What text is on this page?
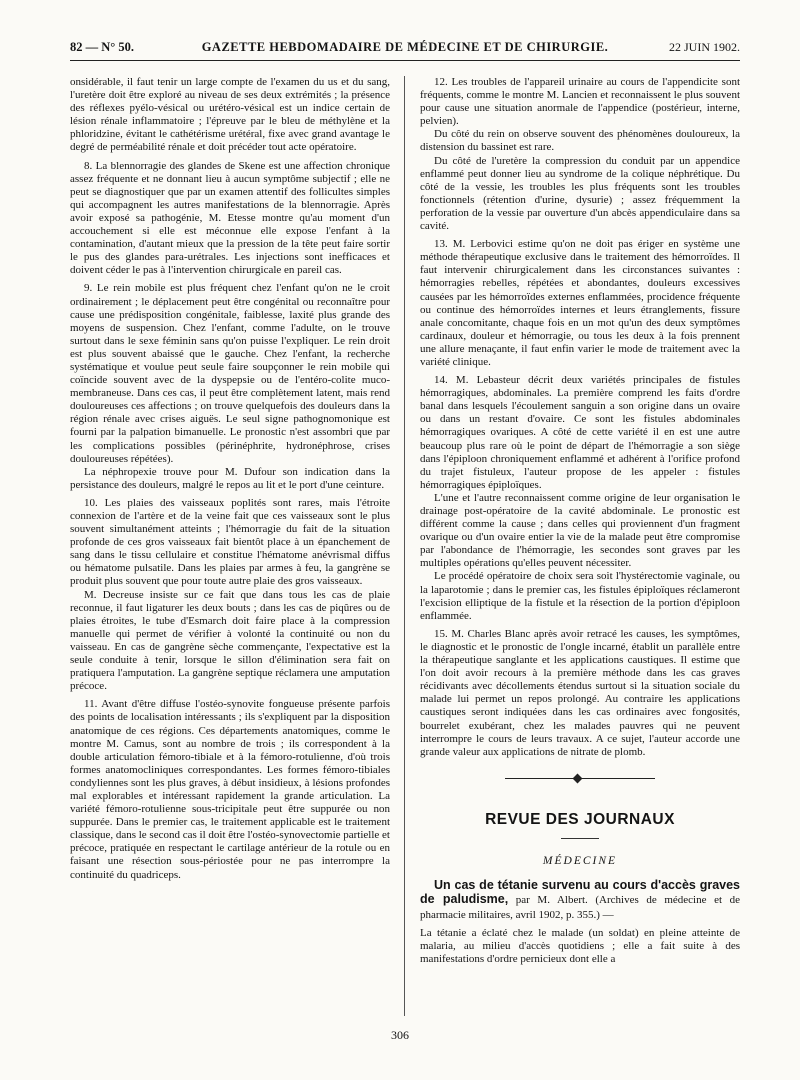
82 — N° 50.	GAZETTE HEBDOMADAIRE DE MÉDECINE ET DE CHIRURGIE.	22 JUIN 1902.

onsidérable, il faut tenir un large compte de l'examen du us et du sang, l'uretère doit être exploré au niveau de ses deux extrémités ; la présence des réflexes pyélo-vésical ou urétéro-vésical est un indice certain de lésion rénale inflammatoire ; l'épreuve par le bleu de méthylène et la phloridzine, évitant le cathétérisme urétéral, fixe avec grand avantage le degré de perméabilité rénale et doit précéder tout acte opératoire.

8. La blennorragie des glandes de Skene est une affection chronique assez fréquente et ne donnant lieu à aucun symptôme subjectif ; elle ne peut se diagnostiquer que par un examen attentif des follicultes simples qui accompagnent les autres manifestations de la blennorragie. Après avoir exposé sa pathogénie, M. Etesse montre qu'au moment d'un accouchement si elle est méconnue elle expose l'enfant à la contamination, d'autant mieux que la pression de la tête peut faire sortir le pus des glandes para-urétrales. Les injections sont inefficaces et doivent céder le pas à l'intervention chirurgicale en pareil cas.

9. Le rein mobile est plus fréquent chez l'enfant qu'on ne le croit ordinairement ; le déplacement peut être congénital ou reconnaître pour cause une prédisposition congénitale, faiblesse, laxité plus grande des moyens de suspension. Chez l'enfant, comme l'adulte, on le trouve surtout dans le sexe féminin sans qu'on puisse l'expliquer. Le rein droit est plus souvent abaissé que le gauche. Chez l'enfant, la recherche systématique et voulue peut seule faire soupçonner le rein mobile qui coïncide souvent avec de la dyspepsie ou de l'entéro-colite muco-membraneuse. Dans ces cas, il peut être complètement latent, mais rend douloureuses ces affections ; on trouve quelquefois des douleurs dans la région rénale avec crises aiguës. Le seul signe pathognomonique est fourni par la palpation bimanuelle. Le pronostic n'est assombri que par les complications possibles (périnéphrite, hydronéphrose, crises douloureuses répétées).

La néphropexie trouve pour M. Dufour son indication dans la persistance des douleurs, malgré le repos au lit et le port d'une ceinture.

10. Les plaies des vaisseaux poplités sont rares, mais l'étroite connexion de l'artère et de la veine fait que ces vaisseaux sont le plus souvent simultanément atteints ; l'hémorragie du fait de la situation profonde de ces gros vaisseaux fait bientôt place à un épanchement de sang dans le tissu cellulaire et constitue l'hématome anévrismal diffus ou hématome pulsatile. Dans les plaies par armes à feu, la gangrène se produit plus souvent que pour toute autre plaie des gros vaisseaux.

M. Decreuse insiste sur ce fait que dans tous les cas de plaie reconnue, il faut ligaturer les deux bouts ; dans les cas de piqûres ou de plaies étroites, le tube d'Esmarch doit faire place à la compression manuelle qui permet de vérifier à volonté la continuité ou non du vaisseau. En cas de gangrène sèche commençante, l'expectative est la seule conduite à tenir, lorsque le sillon d'élimination sera fait on pratiquera l'amputation. La gangrène septique réclamera une amputation précoce.

11. Avant d'être diffuse l'ostéo-synovite fongueuse présente parfois des points de localisation intéressants ; ils s'expliquent par la disposition anatomique de ces régions. Ces départements anatomiques, comme le montre M. Camus, sont au nombre de trois ; ils correspondent à la double articulation fémoro-tibiale et à la fémoro-rotulienne, d'où trois formes anatomocliniques correspondantes. Les formes fémoro-tibiales condyliennes sont les plus graves, à début insidieux, à lésions profondes mal explorables et intéressant rapidement la grande articulation. La variété fémoro-rotulienne sous-tricipitale peut être suppurée ou non suppurée. Dans le premier cas, le traitement applicable est le traitement classique, dans le second cas il doit être l'ostéo-synovectomie partielle et précoce, pratiquée en respectant le cartilage antérieur de la rotule ou en faisant une résection sous-périostée pour ne pas interrompre la continuité du quadriceps.

12. Les troubles de l'appareil urinaire au cours de l'appendicite sont fréquents, comme le montre M. Lancien et reconnaissent le plus souvent pour cause une situation anormale de l'appendice (postérieur, interne, pelvien).

Du côté du rein on observe souvent des phénomènes douloureux, la distension du bassinet est rare.

Du côté de l'uretère la compression du conduit par un appendice enflammé peut donner lieu au syndrome de la colique néphrétique. Du côté de la vessie, les troubles les plus fréquents sont les troubles fonctionnels (rétention d'urine, dysurie) ; assez fréquemment la perforation de la vessie par ouverture d'un abcès appendiculaire dans sa cavité.

13. M. Lerbovici estime qu'on ne doit pas ériger en système une méthode thérapeutique exclusive dans le traitement des hémorroïdes. Il faut intervenir chirurgicalement dans les circonstances suivantes : hémorragies rebelles, répétées et abondantes, douleurs excessives causées par les hémorroïdes externes enflammées, procidence fréquente ou continue des hémorroïdes internes et leurs étranglements, fissure anale concomitante, chaque fois en un mot qu'un des deux symptômes cardinaux, douleur et hémorragie, ou tous les deux à la fois prennent une allure menaçante, il faut enfin varier le mode de traitement avec la variété clinique.

14. M. Lebasteur décrit deux variétés principales de fistules hémorragiques, abdominales. La première comprend les faits d'ordre banal dans lesquels l'écoulement sanguin a son origine dans un ovaire ou dans un restant d'ovaire. Ce sont les fistules abdominales hémorragiques ovariques. A côté de cette variété il en est une autre beaucoup plus rare où le point de départ de l'hémorragie a son siège dans l'épiploon chroniquement enflammé et adhérent à l'orifice profond du trajet fistuleux, l'auteur propose de les appeler : fistules hémorragiques épiploïques.

L'une et l'autre reconnaissent comme origine de leur organisation le drainage post-opératoire de la cavité abdominale. Le pronostic est différent comme la cause ; dans celles qui proviennent d'un fragment ovarique ou d'un ovaire entier la vie de la malade peut être compromise par l'abondance de l'hémorragie, les secondes sont graves par les multiples opérations qu'elles peuvent nécessiter.

Le procédé opératoire de choix sera soit l'hystérectomie vaginale, ou la laparotomie ; dans le premier cas, les fistules épiploïques réclameront l'excision elliptique de la fistule et la résection de la portion d'épiploon enflammée.

15. M. Charles Blanc après avoir retracé les causes, les symptômes, le diagnostic et le pronostic de l'ongle incarné, établit un parallèle entre la thérapeutique sanglante et les applications caustiques. Il estime que l'on doit avoir recours à la première méthode dans les cas graves récidivants avec décollements étendus surtout si la situation sociale du malade lui permet un repos prolongé. Au contraire les applications caustiques seront indiquées dans les cas ordinaires avec fongosités, bourrelet exubérant, chez les malades pauvres qui ne peuvent interrompre le cours de leurs travaux. A ce sujet, l'auteur accorde une grande valeur aux applications de nitrate de plomb.

REVUE DES JOURNAUX
MÉDECINE

Un cas de tétanie survenu au cours d'accès graves de paludisme, par M. Albert. (Archives de médecine et de pharmacie militaires, avril 1902, p. 355.) —

La tétanie a éclaté chez le malade (un soldat) en pleine atteinte de malaria, au milieu d'accès quotidiens ; elle a fait suite à des manifestations d'ordre pernicieux dont elle a

306
